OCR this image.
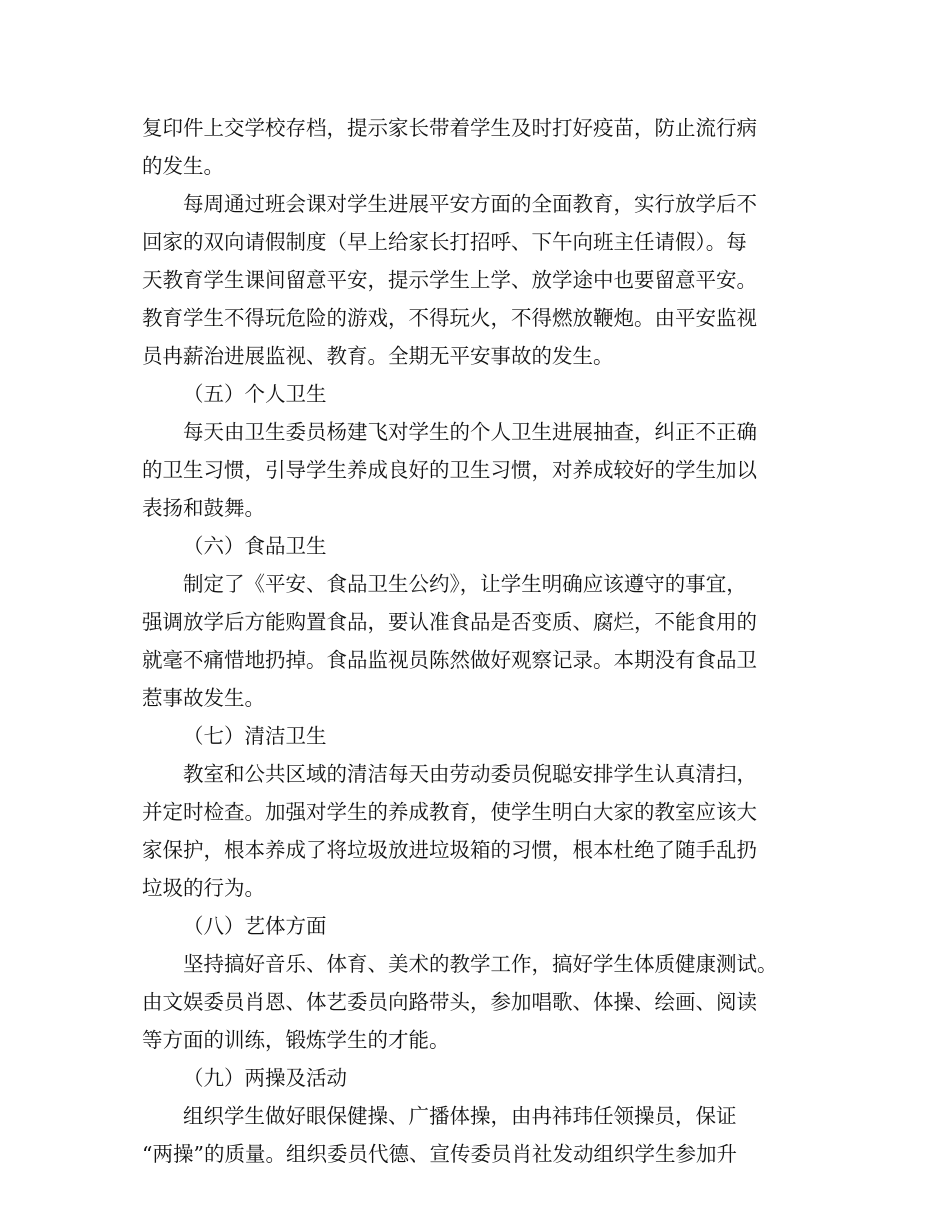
复印件上交学校存档，提示家长带着学生及时打好疫苗，防止流行病

的发生。

每周通过班会课对学生进展平安方面的全面教育，实行放学后不

回家的双向请假制度（早上给家长打招呼、下午向班主任请假）。每

天教育学生课间留意平安，提示学生上学、放学途中也要留意平安。

教育学生不得玩危险的游戏，不得玩火，不得燃放鞭炮。由平安监视

员冉薪治进展监视、教育。全期无平安事故的发生。

（五）个人卫生

每天由卫生委员杨建飞对学生的个人卫生进展抽查，纠正不正确

的卫生习惯，引导学生养成良好的卫生习惯，对养成较好的学生加以

表扬和鼓舞。

（六）食品卫生

制定了《平安、食品卫生公约》，让学生明确应该遵守的事宜，

强调放学后方能购置食品，要认准食品是否变质、腐烂，不能食用的

就毫不痛惜地扔掉。食品监视员陈然做好观察记录。本期没有食品卫

惹事故发生。

（七）清洁卫生

教室和公共区域的清洁每天由劳动委员倪聪安排学生认真清扫，

并定时检查。加强对学生的养成教育，使学生明白大家的教室应该大

家保护，根本养成了将垃圾放进垃圾箱的习惯，根本杜绝了随手乱扔

垃圾的行为。

（八）艺体方面

坚持搞好音乐、体育、美术的教学工作，搞好学生体质健康测试。

由文娱委员肖恩、体艺委员向路带头，参加唱歌、体操、绘画、阅读

等方面的训练，锻炼学生的才能。

（九）两操及活动

组织学生做好眼保健操、广播体操，由冉祎玮任领操员，保证

“两操”的质量。组织委员代德、宣传委员肖社发动组织学生参加升
